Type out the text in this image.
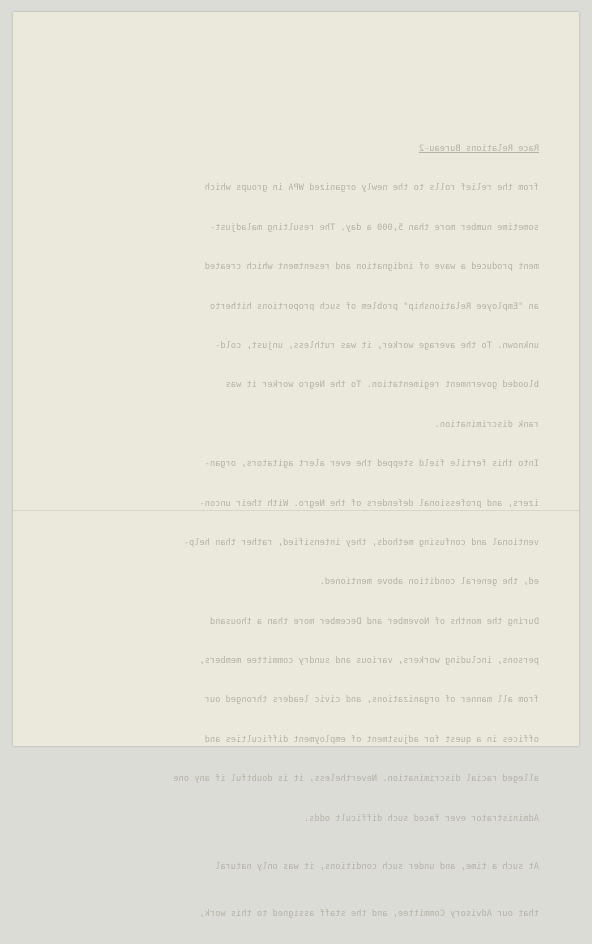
Race Relations Bureau-2

from the relief rolls to the newly organized WPA in groups which

sometime number more than 5,000 a day. The resulting maladjust-

ment produced a wave of indignation and resentment which created

an "Employee Relationship" problem of such proportions hitherto

unknown. To the average worker, it was ruthless, unjust, cold-

blooded government regimentation. To the Negro worker it was

rank discrimination.

Into this fertile field stepped the ever alert agitators, organ-

izers, and professional defenders of the Negro. With their uncon-

ventional and confusing methods, they intensified, rather than help-

ed, the general condition above mentioned.

During the months of November and December more than a thousand

persons, including workers, various and sundry committee members,

from all manner of organizations, and civic leaders thronged our

offices in a quest for adjustment of employment difficulties and

alleged racial discrimination. Nevertheless, it is doubtful if any one

Administrator ever faced such difficult odds.

At such a time, and under such conditions, it was only natural

that our Advisory Committee, and the staff assigned to this work,
